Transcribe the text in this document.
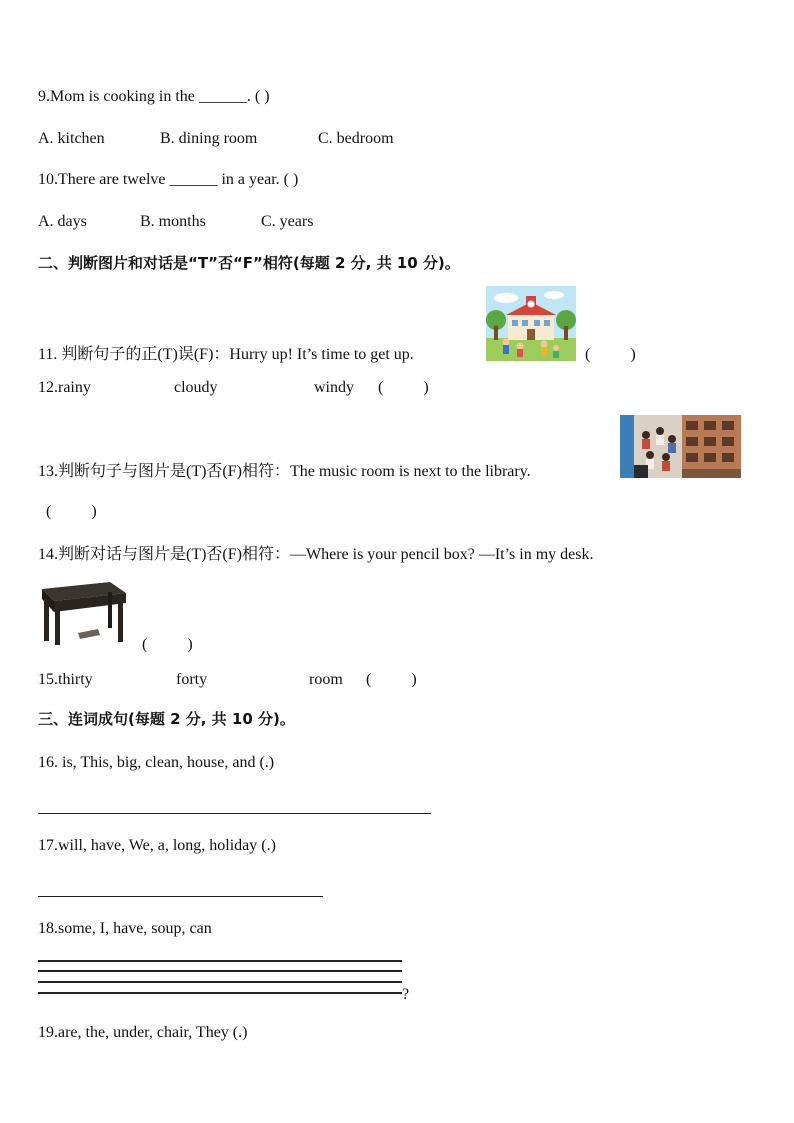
9.Mom is cooking in the ______. ( )
A. kitchen	B. dining room	C. bedroom
10.There are twelve ______ in a year. ( )
A. days	B. months	C. years
二、判断图片和对话是“T”否“F”相符(每题 2 分, 共 10 分)。
11. 判断句子的正(T)误(F)：Hurry up! It’s time to get up.	(          )
12.rainy	cloudy	windy (          )
13.判断句子与图片是(T)否(F)相符：The music room is next to the library.
(          )
14.判断对话与图片是(T)否(F)相符：—Where is your pencil box? —It’s in my desk.
(          )
15.thirty	forty	room (          )
三、连词成句(每题 2 分, 共 10 分)。
16. is, This, big, clean, house, and (.)
17.will, have, We, a, long, holiday (.)
18.some, I, have, soup, can
?
19.are, the, under, chair, They (.)
